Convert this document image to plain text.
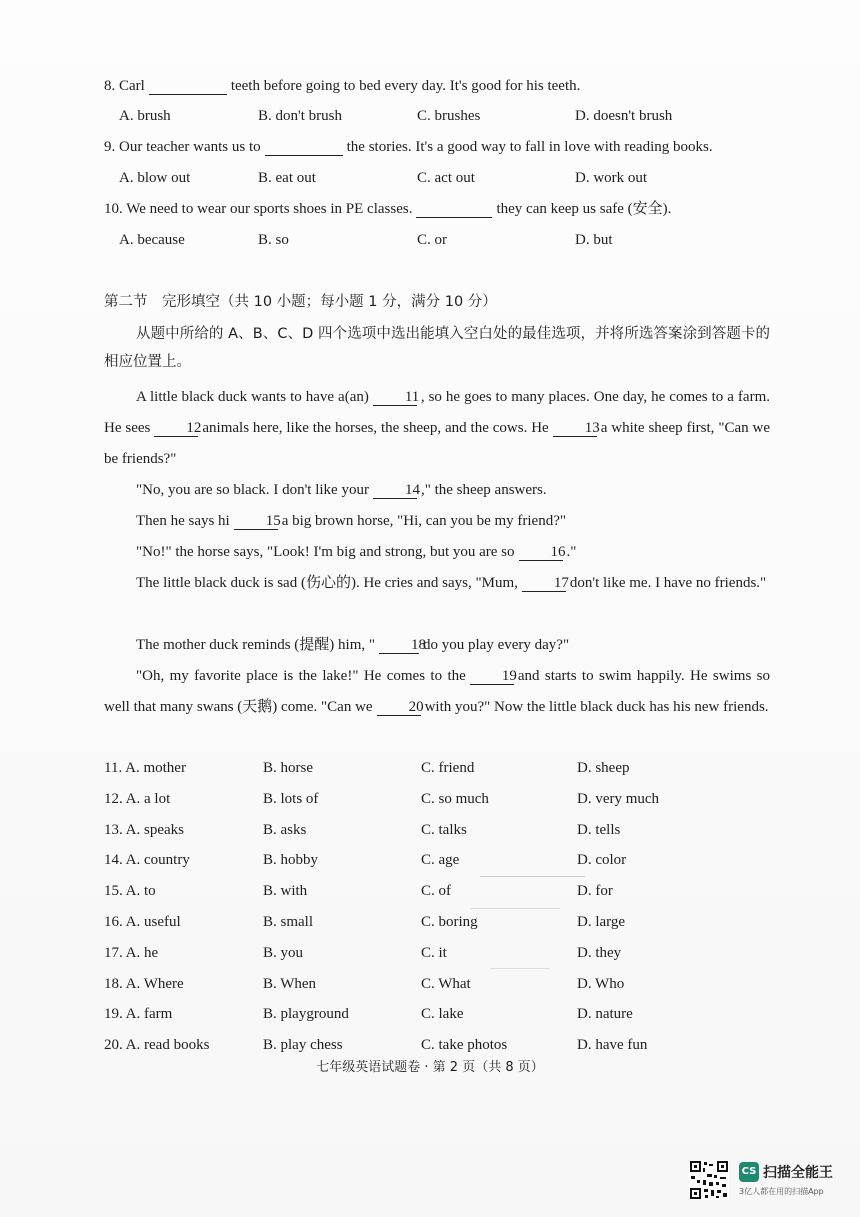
8. Carl	teeth before going to bed every day. It's good for his teeth.
A. brush	B. don't brush	C. brushes	D. doesn't brush
9. Our teacher wants us to	the stories. It's a good way to fall in love with reading books.
A. blow out	B. eat out	C. act out	D. work out
10. We need to wear our sports shoes in PE classes.	they can keep us safe (安全).
A. because	B. so	C. or	D. but
第二节　完形填空（共 10 小题；每小题 1 分，满分 10 分）
从题中所给的 A、B、C、D 四个选项中选出能填入空白处的最佳选项，并将所选答案涂到答题卡的相应位置上。
A little black duck wants to have a(an) 11 , so he goes to many places. One day, he comes to a farm. He sees 12animals here, like the horses, the sheep, and the cows. He 13a white sheep first, "Can we be friends?"
"No, you are so black. I don't like your 14," the sheep answers.
Then he says hi 15a big brown horse, "Hi, can you be my friend?"
"No!" the horse says, "Look! I'm big and strong, but you are so 16."
The little black duck is sad (伤心的). He cries and says, "Mum, 17don't like me. I have no friends."
The mother duck reminds (提醒) him, " 18do you play every day?"
"Oh, my favorite place is the lake!" He comes to the 19and starts to swim happily. He swims so well that many swans (天鹅) come. "Can we 20with you?" Now the little black duck has his new friends.
11. A. mother	B. horse	C. friend	D. sheep
12. A. a lot	B. lots of	C. so much	D. very much
13. A. speaks	B. asks	C. talks	D. tells
14. A. country	B. hobby	C. age	D. color
15. A. to	B. with	C. of	D. for
16. A. useful	B. small	C. boring	D. large
17. A. he	B. you	C. it	D. they
18. A. Where	B. When	C. What	D. Who
19. A. farm	B. playground	C. lake	D. nature
20. A. read books	B. play chess	C. take photos	D. have fun
七年级英语试题卷 · 第 2 页（共 8 页）
CS 扫描全能王
3亿人都在用的扫描App
